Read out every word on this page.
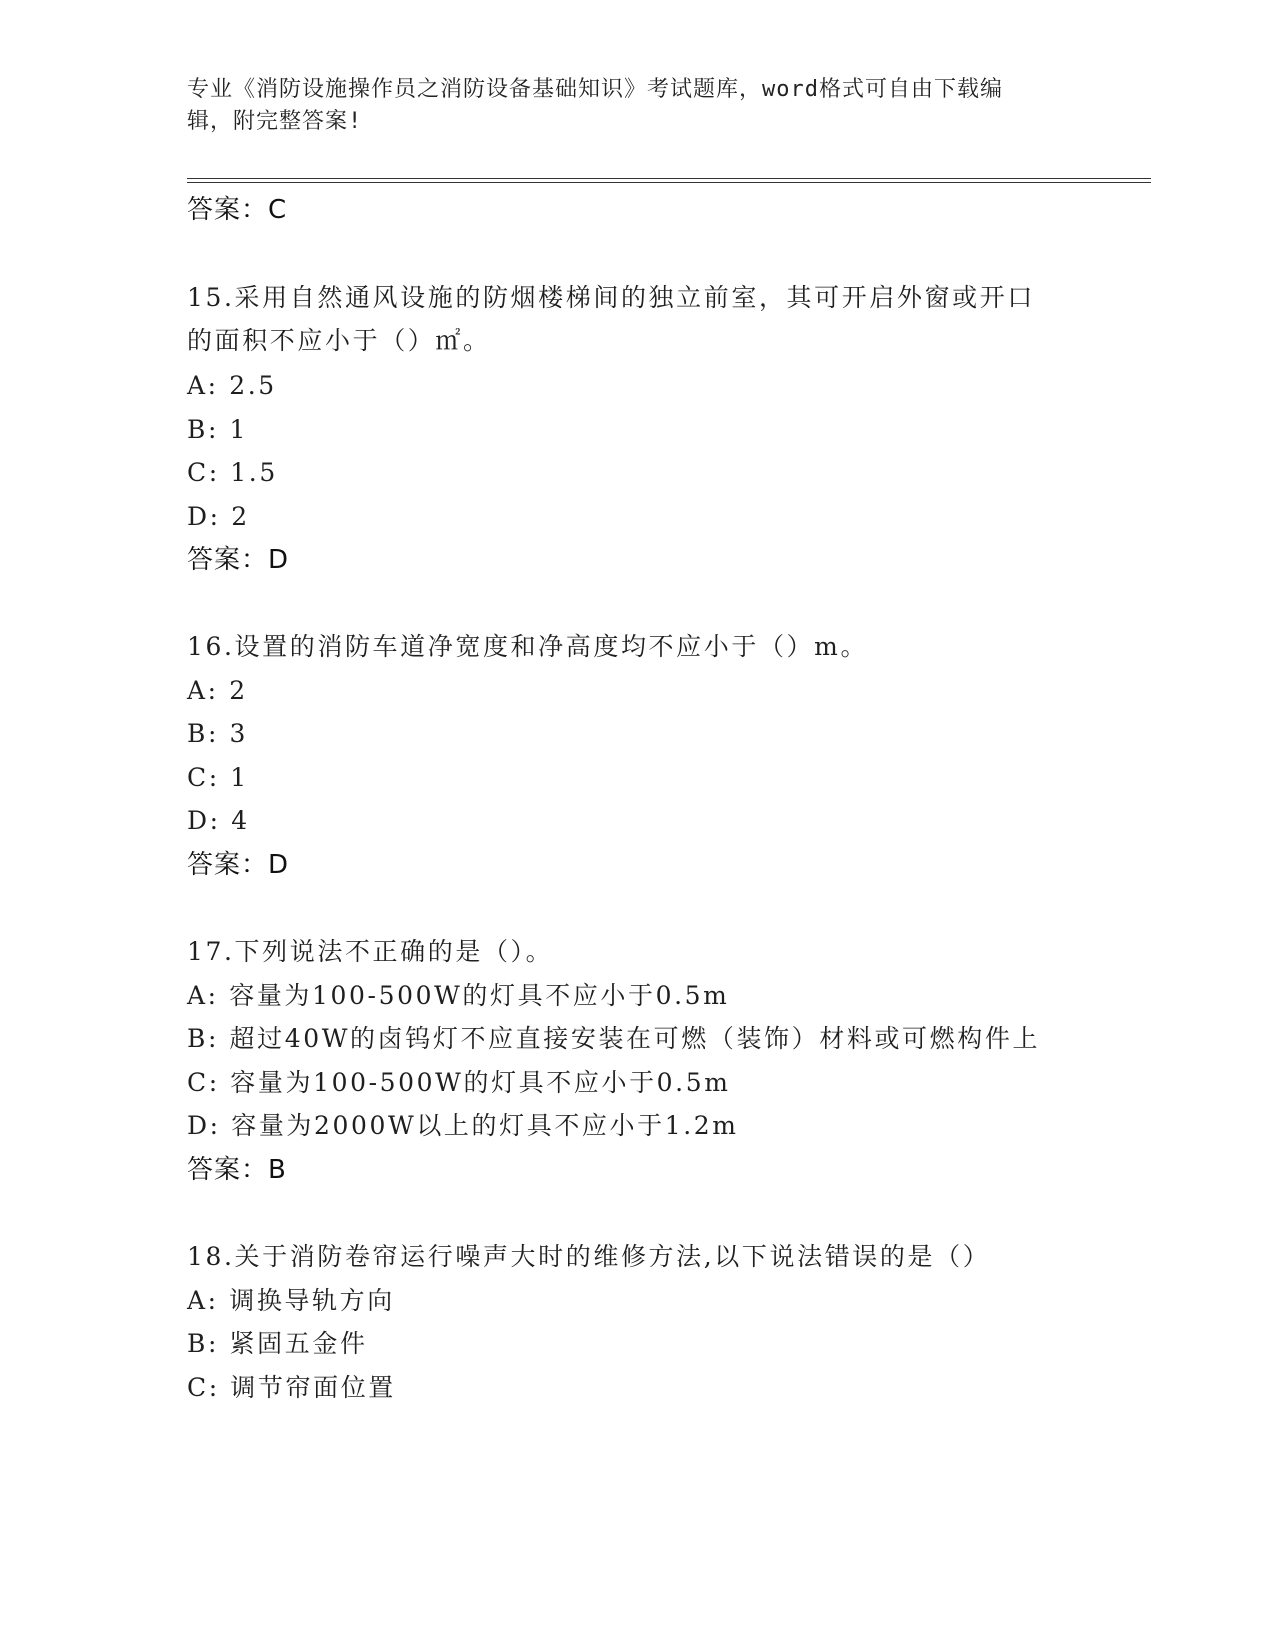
专业《消防设施操作员之消防设备基础知识》考试题库，word格式可自由下载编
辑，附完整答案!
答案：C
15.采用自然通风设施的防烟楼梯间的独立前室，其可开启外窗或开口
的面积不应小于（）㎡。
A: 2.5
B: 1
C: 1.5
D: 2
答案：D
16.设置的消防车道净宽度和净高度均不应小于（）m。
A: 2
B: 3
C: 1
D: 4
答案：D
17.下列说法不正确的是（）。
A: 容量为100-500W的灯具不应小于0.5m
B: 超过40W的卤钨灯不应直接安装在可燃（装饰）材料或可燃构件上
C: 容量为100-500W的灯具不应小于0.5m
D: 容量为2000W以上的灯具不应小于1.2m
答案：B
18.关于消防卷帘运行噪声大时的维修方法,以下说法错误的是（）
A: 调换导轨方向
B: 紧固五金件
C: 调节帘面位置
